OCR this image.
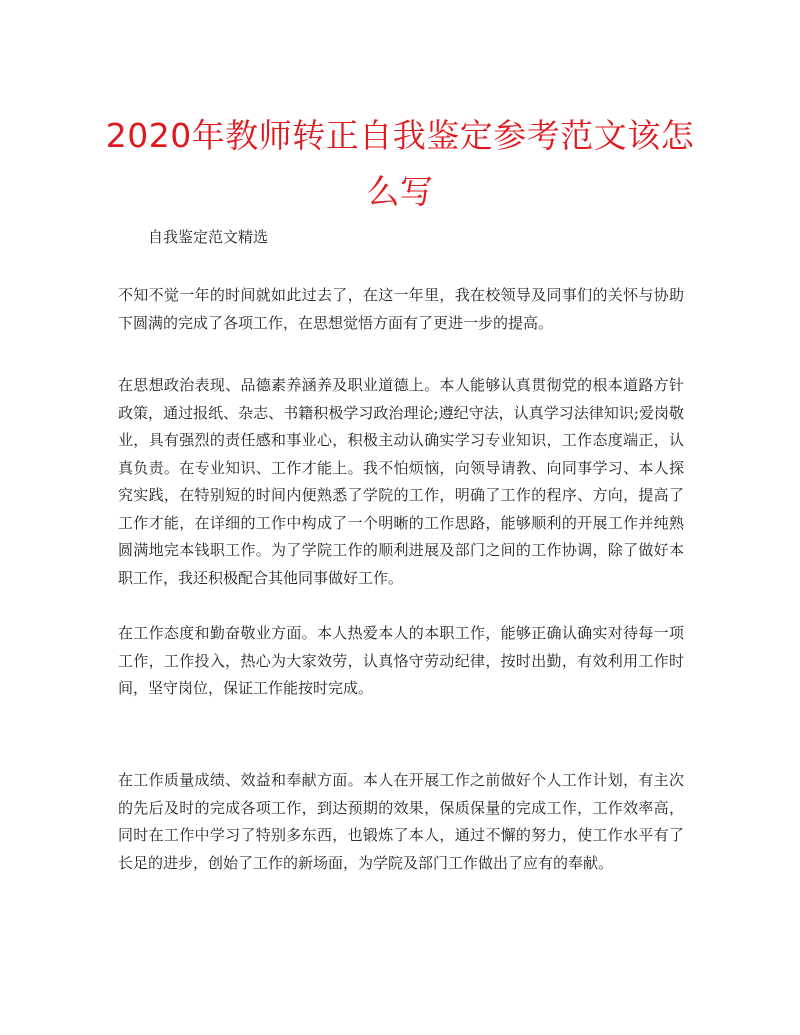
2020年教师转正自我鉴定参考范文该怎么写

自我鉴定范文精选

不知不觉一年的时间就如此过去了，在这一年里，我在校领导及同事们的关怀与协助下圆满的完成了各项工作，在思想觉悟方面有了更进一步的提高。

在思想政治表现、品德素养涵养及职业道德上。本人能够认真贯彻党的根本道路方针政策，通过报纸、杂志、书籍积极学习政治理论;遵纪守法，认真学习法律知识;爱岗敬业，具有强烈的责任感和事业心，积极主动认确实学习专业知识，工作态度端正，认真负责。在专业知识、工作才能上。我不怕烦恼，向领导请教、向同事学习、本人探究实践，在特别短的时间内便熟悉了学院的工作，明确了工作的程序、方向，提高了工作才能，在详细的工作中构成了一个明晰的工作思路，能够顺利的开展工作并纯熟圆满地完本钱职工作。为了学院工作的顺利进展及部门之间的工作协调，除了做好本职工作，我还积极配合其他同事做好工作。

在工作态度和勤奋敬业方面。本人热爱本人的本职工作，能够正确认确实对待每一项工作，工作投入，热心为大家效劳，认真恪守劳动纪律，按时出勤，有效利用工作时间，坚守岗位，保证工作能按时完成。

在工作质量成绩、效益和奉献方面。本人在开展工作之前做好个人工作计划，有主次的先后及时的完成各项工作，到达预期的效果，保质保量的完成工作，工作效率高，同时在工作中学习了特别多东西，也锻炼了本人，通过不懈的努力，使工作水平有了长足的进步，创始了工作的新场面，为学院及部门工作做出了应有的奉献。
